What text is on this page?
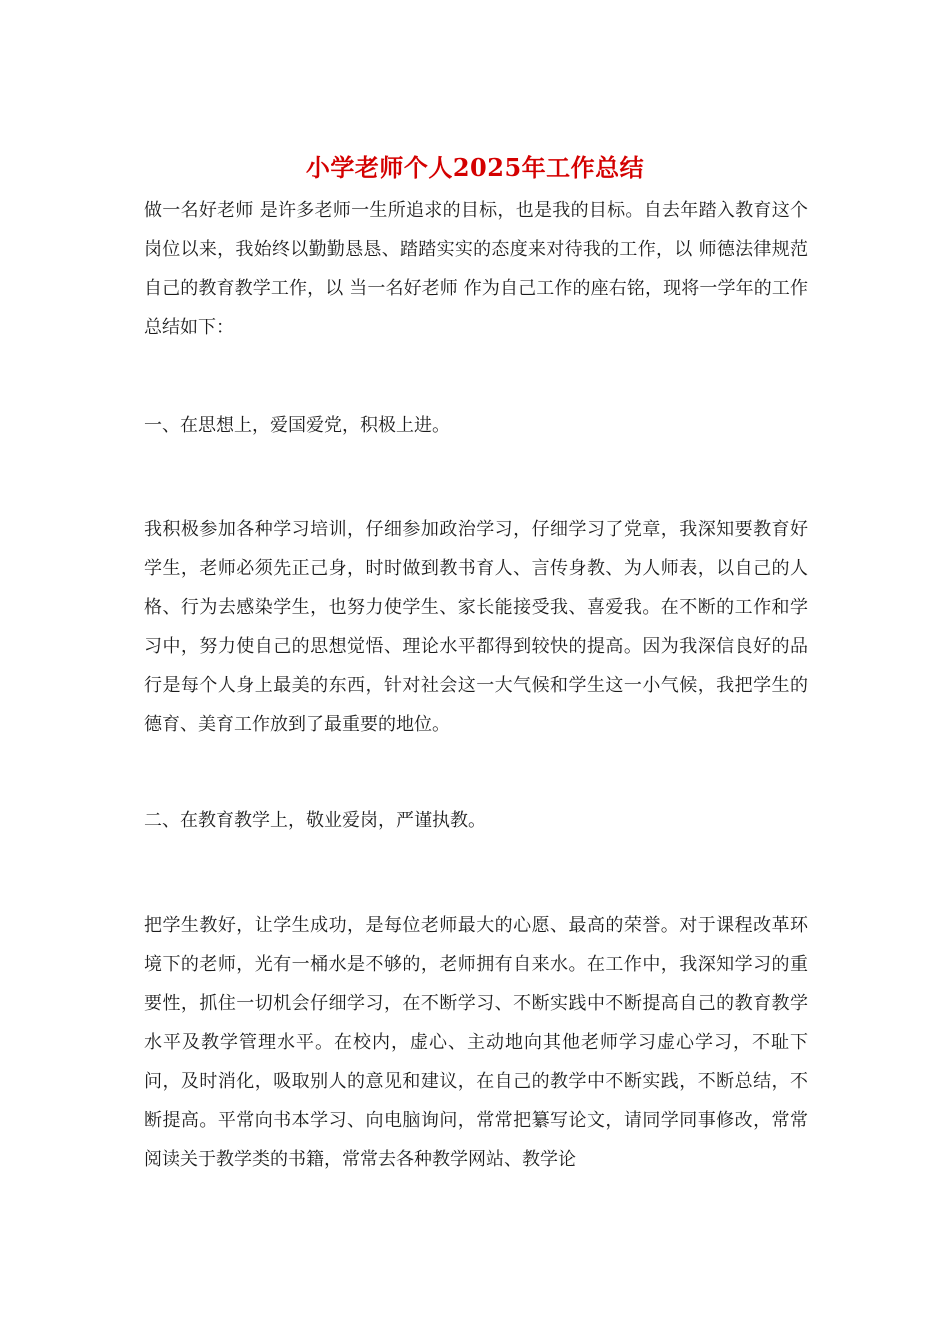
小学老师个人2025年工作总结

做一名好老师 是许多老师一生所追求的目标，也是我的目标。自去年踏入教育这个岗位以来，我始终以勤勤恳恳、踏踏实实的态度来对待我的工作，以 师德法律规范自己的教育教学工作，以 当一名好老师 作为自己工作的座右铭，现将一学年的工作总结如下：

一、在思想上，爱国爱党，积极上进。

我积极参加各种学习培训，仔细参加政治学习，仔细学习了党章，我深知要教育好学生，老师必须先正己身，时时做到教书育人、言传身教、为人师表，以自己的人格、行为去感染学生，也努力使学生、家长能接受我、喜爱我。在不断的工作和学习中，努力使自己的思想觉悟、理论水平都得到较快的提高。因为我深信良好的品行是每个人身上最美的东西，针对社会这一大气候和学生这一小气候，我把学生的德育、美育工作放到了最重要的地位。

二、在教育教学上，敬业爱岗，严谨执教。

把学生教好，让学生成功，是每位老师最大的心愿、最高的荣誉。对于课程改革环境下的老师，光有一桶水是不够的，老师拥有自来水。在工作中，我深知学习的重要性，抓住一切机会仔细学习，在不断学习、不断实践中不断提高自己的教育教学水平及教学管理水平。在校内，虚心、主动地向其他老师学习虚心学习，不耻下问，及时消化，吸取别人的意见和建议，在自己的教学中不断实践，不断总结，不断提高。平常向书本学习、向电脑询问，常常把纂写论文，请同学同事修改，常常阅读关于教学类的书籍，常常去各种教学网站、教学论
